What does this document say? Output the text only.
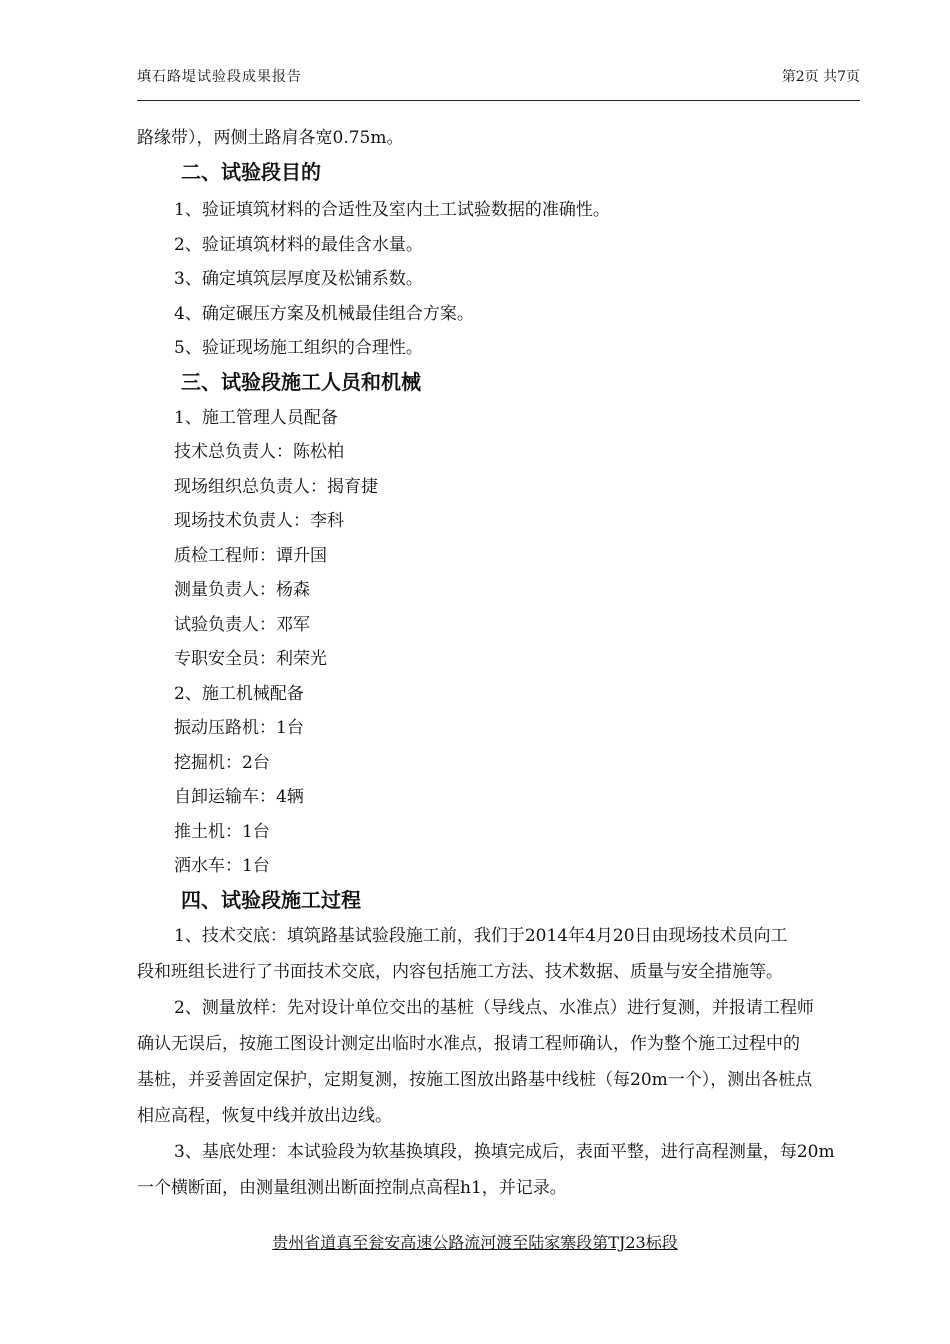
填石路堤试验段成果报告	第2页 共7页
路缘带），两侧土路肩各宽0.75m。
二、试验段目的
1、验证填筑材料的合适性及室内土工试验数据的准确性。
2、验证填筑材料的最佳含水量。
3、确定填筑层厚度及松铺系数。
4、确定碾压方案及机械最佳组合方案。
5、验证现场施工组织的合理性。
三、试验段施工人员和机械
1、施工管理人员配备
技术总负责人：陈松柏
现场组织总负责人：揭育捷
现场技术负责人：李科
质检工程师：谭升国
测量负责人：杨森
试验负责人：邓军
专职安全员：利荣光
2、施工机械配备
振动压路机：1台
挖掘机：2台
自卸运输车：4辆
推土机：1台
洒水车：1台
四、试验段施工过程
1、技术交底：填筑路基试验段施工前，我们于2014年4月20日由现场技术员向工
段和班组长进行了书面技术交底，内容包括施工方法、技术数据、质量与安全措施等。
2、测量放样：先对设计单位交出的基桩（导线点、水准点）进行复测，并报请工程师
确认无误后，按施工图设计测定出临时水准点，报请工程师确认，作为整个施工过程中的
基桩，并妥善固定保护，定期复测，按施工图放出路基中线桩（每20m一个），测出各桩点
相应高程，恢复中线并放出边线。
3、基底处理：本试验段为软基换填段，换填完成后，表面平整，进行高程测量，每20m
一个横断面，由测量组测出断面控制点高程h1，并记录。
贵州省道真至瓮安高速公路流河渡至陆家寨段第TJ23标段
